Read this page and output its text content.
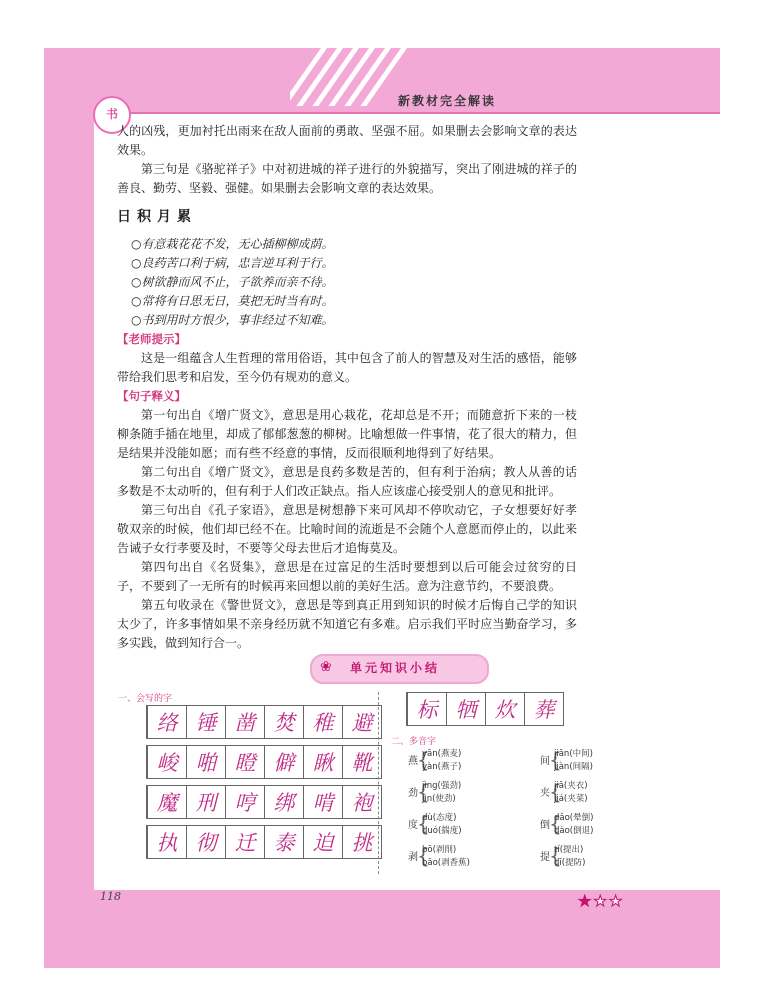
书
新教材完全解读

人的凶残，更加衬托出雨来在敌人面前的勇敢、坚强不屈。如果删去会影响文章的表达效果。

第三句是《骆驼祥子》中对初进城的祥子进行的外貌描写，突出了刚进城的祥子的善良、勤劳、坚毅、强健。如果删去会影响文章的表达效果。

日积月累

○有意栽花花不发，无心插柳柳成荫。

○良药苦口利于病，忠言逆耳利于行。

○树欲静而风不止，子欲养而亲不待。

○常将有日思无日，莫把无时当有时。

○书到用时方恨少，事非经过不知难。

【老师提示】

这是一组蕴含人生哲理的常用俗语，其中包含了前人的智慧及对生活的感悟，能够带给我们思考和启发，至今仍有规劝的意义。

【句子释义】

第一句出自《增广贤文》，意思是用心栽花，花却总是不开；而随意折下来的一枝柳条随手插在地里，却成了郁郁葱葱的柳树。比喻想做一件事情，花了很大的精力，但是结果并没能如愿；而有些不经意的事情，反而很顺利地得到了好结果。

第二句出自《增广贤文》，意思是良药多数是苦的，但有利于治病；教人从善的话多数是不太动听的，但有利于人们改正缺点。指人应该虚心接受别人的意见和批评。

第三句出自《孔子家语》，意思是树想静下来可风却不停吹动它，子女想要好好孝敬双亲的时候，他们却已经不在。比喻时间的流逝是不会随个人意愿而停止的，以此来告诫子女行孝要及时，不要等父母去世后才追悔莫及。

第四句出自《名贤集》，意思是在过富足的生活时要想到以后可能会过贫穷的日子，不要到了一无所有的时候再来回想以前的美好生活。意为注意节约，不要浪费。

第五句收录在《警世贤文》，意思是等到真正用到知识的时候才后悔自己学的知识太少了，许多事情如果不亲身经历就不知道它有多难。启示我们平时应当勤奋学习，多多实践，做到知行合一。

❀ 单元知识小结
一、会写的字
络 锤 凿 焚 稚 避
峻 啪 瞪 僻 瞅 靴
魔 刑 哼 绑 啃 袍
执 彻 迁 泰 迫 挑
标 牺 炊 葬
二、多音字
燕 {
yān(燕麦)
yàn(燕子)
劲 {
jìng(强劲)
jìn(使劲)
度 {
dù(态度)
duó(揣度)
剥 {
bō(剥削)
bāo(剥香蕉)
间 {
jiān(中间)
jiàn(间隔)
夹 {
jiā(夹衣)
jiá(夹菜)
倒 {
dǎo(晕倒)
dào(倒退)
提 {
tí(提出)
dī(提防)
118	★★★
